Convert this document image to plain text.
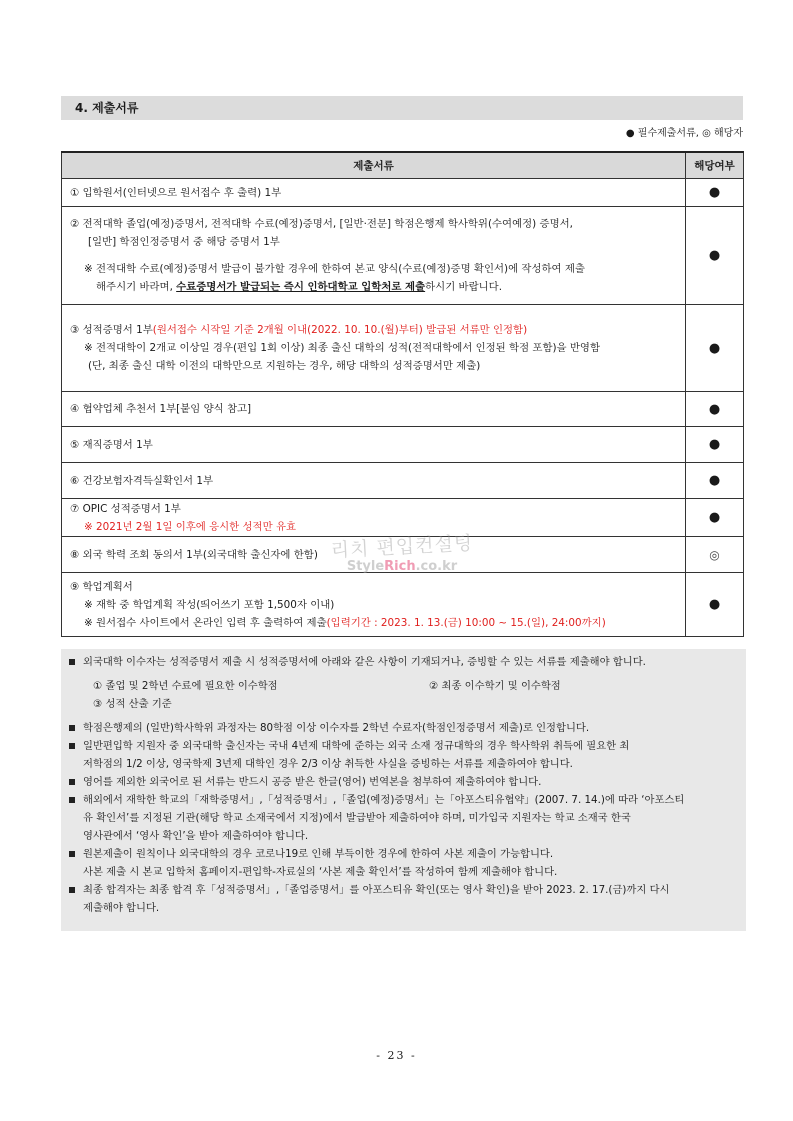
4. 제출서류
● 필수제출서류, ◎ 해당자
제출서류	해당여부

① 입학원서(인터넷으로 원서접수 후 출력) 1부	●

② 전적대학 졸업(예정)증명서, 전적대학 수료(예정)증명서, [일반·전문] 학점은행제 학사학위(수여예정) 증명서,
[일반] 학점인정증명서 중 해당 증명서 1부
※ 전적대학 수료(예정)증명서 발급이 불가할 경우에 한하여 본교 양식(수료(예정)증명 확인서)에 작성하여 제출
해주시기 바라며, 수료증명서가 발급되는 즉시 인하대학교 입학처로 제출하시기 바랍니다.	●

③ 성적증명서 1부(원서접수 시작일 기준 2개월 이내(2022. 10. 10.(월)부터) 발급된 서류만 인정함)
※ 전적대학이 2개교 이상일 경우(편입 1회 이상) 최종 출신 대학의 성적(전적대학에서 인정된 학점 포함)을 반영함
(단, 최종 출신 대학 이전의 대학만으로 지원하는 경우, 해당 대학의 성적증명서만 제출)	●

④ 협약업체 추천서 1부[붙임 양식 참고]	●

⑤ 재직증명서 1부	●

⑥ 건강보험자격득실확인서 1부	●

⑦ OPIC 성적증명서 1부
※ 2021년 2월 1일 이후에 응시한 성적만 유효	●

⑧ 외국 학력 조회 동의서 1부(외국대학 출신자에 한함)	◎

⑨ 학업계획서
※ 재학 중 학업계획 작성(띄어쓰기 포함 1,500자 이내)
※ 원서접수 사이트에서 온라인 입력 후 출력하여 제출(입력기간 : 2023. 1. 13.(금) 10:00 ~ 15.(일), 24:00까지)	●
리치 편입컨설팅
StyleRich.co.kr
외국대학 이수자는 성적증명서 제출 시 성적증명서에 아래와 같은 사항이 기재되거나, 증빙할 수 있는 서류를 제출해야 합니다.
① 졸업 및 2학년 수료에 필요한 이수학점	② 최종 이수학기 및 이수학점
③ 성적 산출 기준
학점은행제의 (일반)학사학위 과정자는 80학점 이상 이수자를 2학년 수료자(학점인정증명서 제출)로 인정합니다.
일반편입학 지원자 중 외국대학 출신자는 국내 4년제 대학에 준하는 외국 소재 정규대학의 경우 학사학위 취득에 필요한 최
저학점의 1/2 이상, 영국학제 3년제 대학인 경우 2/3 이상 취득한 사실을 증빙하는 서류를 제출하여야 합니다.
영어를 제외한 외국어로 된 서류는 반드시 공증 받은 한글(영어) 번역본을 첨부하여 제출하여야 합니다.
해외에서 재학한 학교의「재학증명서」,「성적증명서」,「졸업(예정)증명서」는「아포스티유협약」(2007. 7. 14.)에 따라 ‘아포스티
유 확인서’를 지정된 기관(해당 학교 소재국에서 지정)에서 발급받아 제출하여야 하며, 미가입국 지원자는 학교 소재국 한국
영사관에서 ‘영사 확인’을 받아 제출하여야 합니다.
원본제출이 원칙이나 외국대학의 경우 코로나19로 인해 부득이한 경우에 한하여 사본 제출이 가능합니다.
사본 제출 시 본교 입학처 홈페이지-편입학-자료실의 ‘사본 제출 확인서’를 작성하여 함께 제출해야 합니다.
최종 합격자는 최종 합격 후「성적증명서」,「졸업증명서」를 아포스티유 확인(또는 영사 확인)을 받아 2023. 2. 17.(금)까지 다시
제출해야 합니다.
- 23 -
